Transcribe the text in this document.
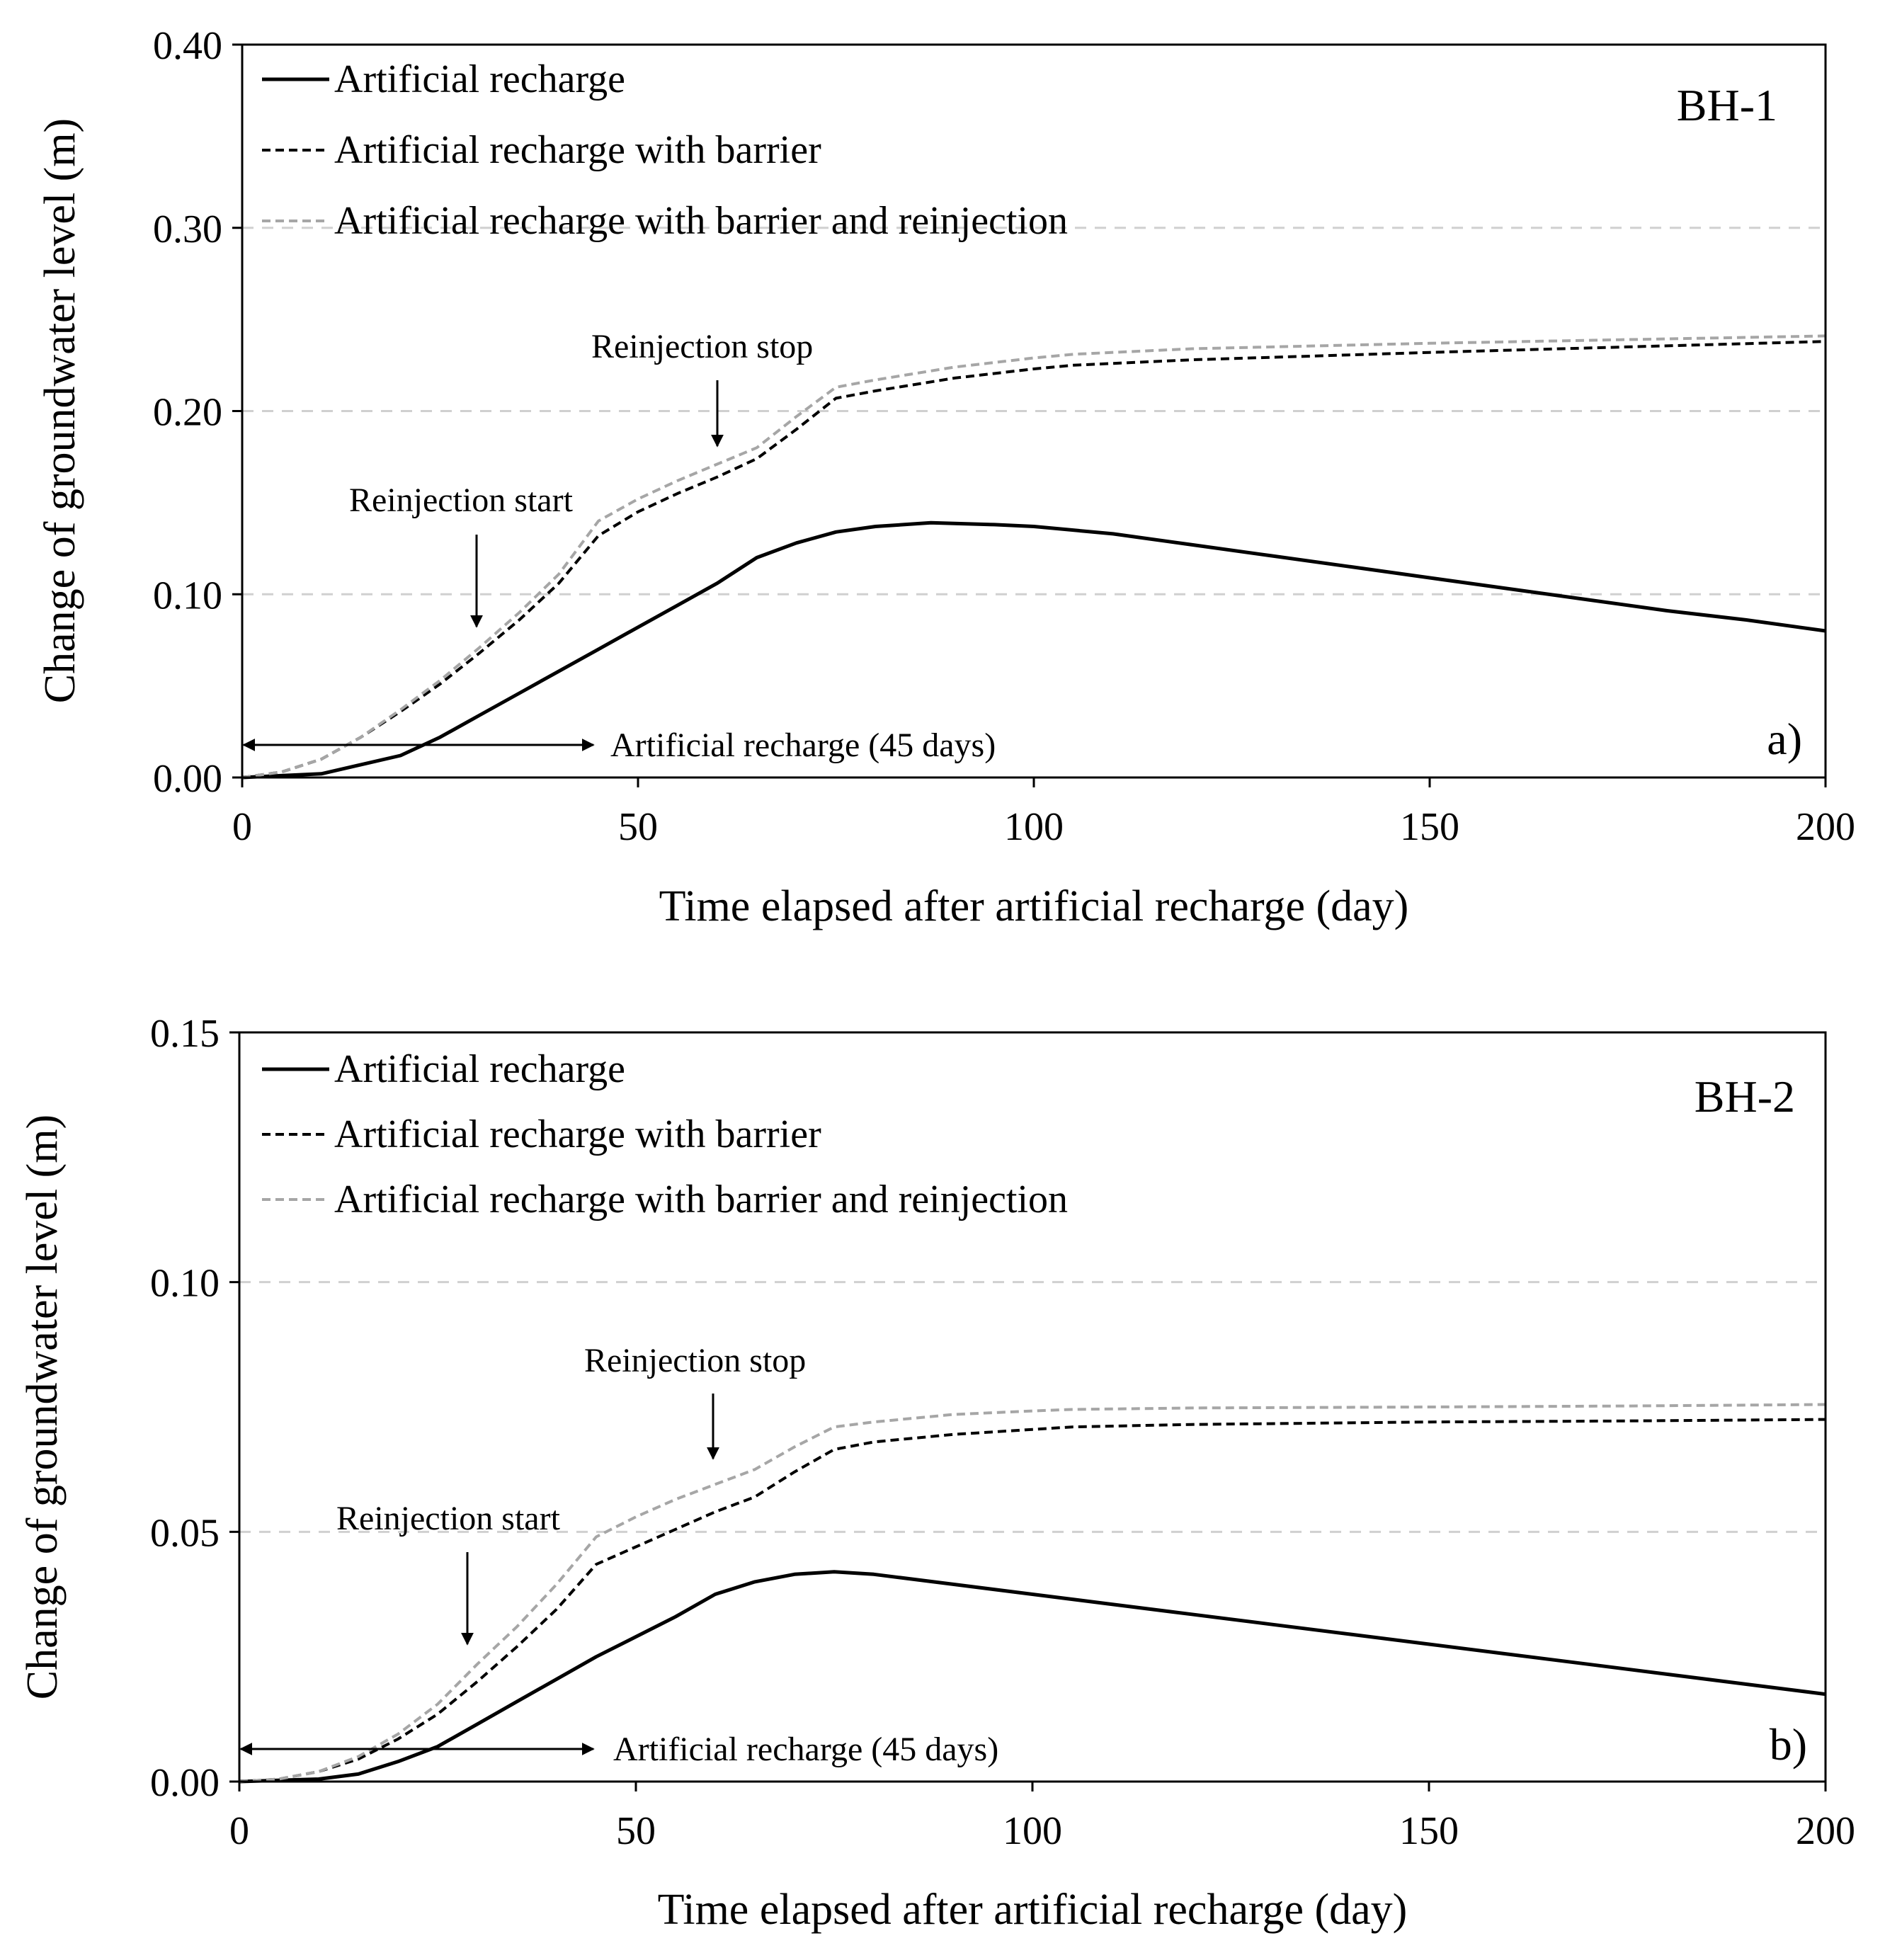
0.00
0.10
0.20
0.30
0.40
0	50	100	150	200
Change of groundwater level (m)
Time elapsed after artificial recharge (day)
Artificial recharge
Artificial recharge with barrier
Artificial recharge with barrier and reinjection
BH-1
a)
Reinjection start
Reinjection stop
Artificial recharge (45 days)
0.00
0.05
0.10
0.15
0	50	100	150	200
Change of groundwater level (m)
Time elapsed after artificial recharge (day)
Artificial recharge
Artificial recharge with barrier
Artificial recharge with barrier and reinjection
BH-2
b)
Reinjection start
Reinjection stop
Artificial recharge (45 days)
